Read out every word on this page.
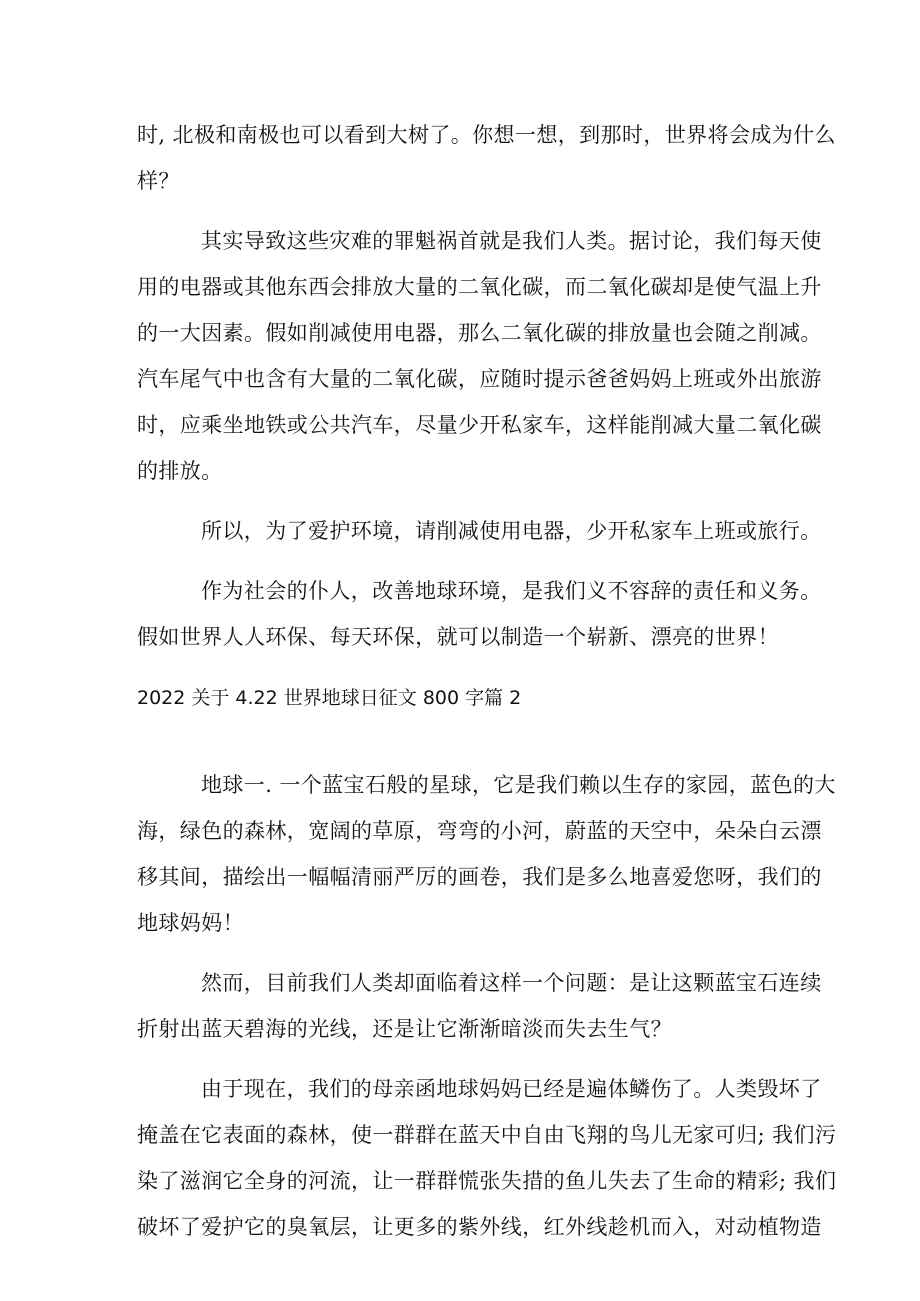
时, 北极和南极也可以看到大树了。你想一想，到那时，世界将会成为什么
样？
其实导致这些灾难的罪魁祸首就是我们人类。据讨论，我们每天使
用的电器或其他东西会排放大量的二氧化碳，而二氧化碳却是使气温上升
的一大因素。假如削减使用电器，那么二氧化碳的排放量也会随之削减。
汽车尾气中也含有大量的二氧化碳，应随时提示爸爸妈妈上班或外出旅游
时，应乘坐地铁或公共汽车，尽量少开私家车，这样能削减大量二氧化碳
的排放。
所以，为了爱护环境，请削减使用电器，少开私家车上班或旅行。
作为社会的仆人，改善地球环境，是我们义不容辞的责任和义务。
假如世界人人环保、每天环保，就可以制造一个崭新、漂亮的世界！
2022 关于 4.22 世界地球日征文 800 字篇 2
地球一. 一个蓝宝石般的星球，它是我们赖以生存的家园，蓝色的大
海，绿色的森林，宽阔的草原，弯弯的小河，蔚蓝的天空中，朵朵白云漂
移其间，描绘出一幅幅清丽严厉的画卷，我们是多么地喜爱您呀，我们的
地球妈妈！
然而，目前我们人类却面临着这样一个问题：是让这颗蓝宝石连续
折射出蓝天碧海的光线，还是让它渐渐暗淡而失去生气？
由于现在，我们的母亲函地球妈妈已经是遍体鳞伤了。人类毁坏了
掩盖在它表面的森林，使一群群在蓝天中自由飞翔的鸟儿无家可归; 我们污
染了滋润它全身的河流，让一群群慌张失措的鱼儿失去了生命的精彩; 我们
破坏了爱护它的臭氧层，让更多的紫外线，红外线趁机而入，对动植物造
